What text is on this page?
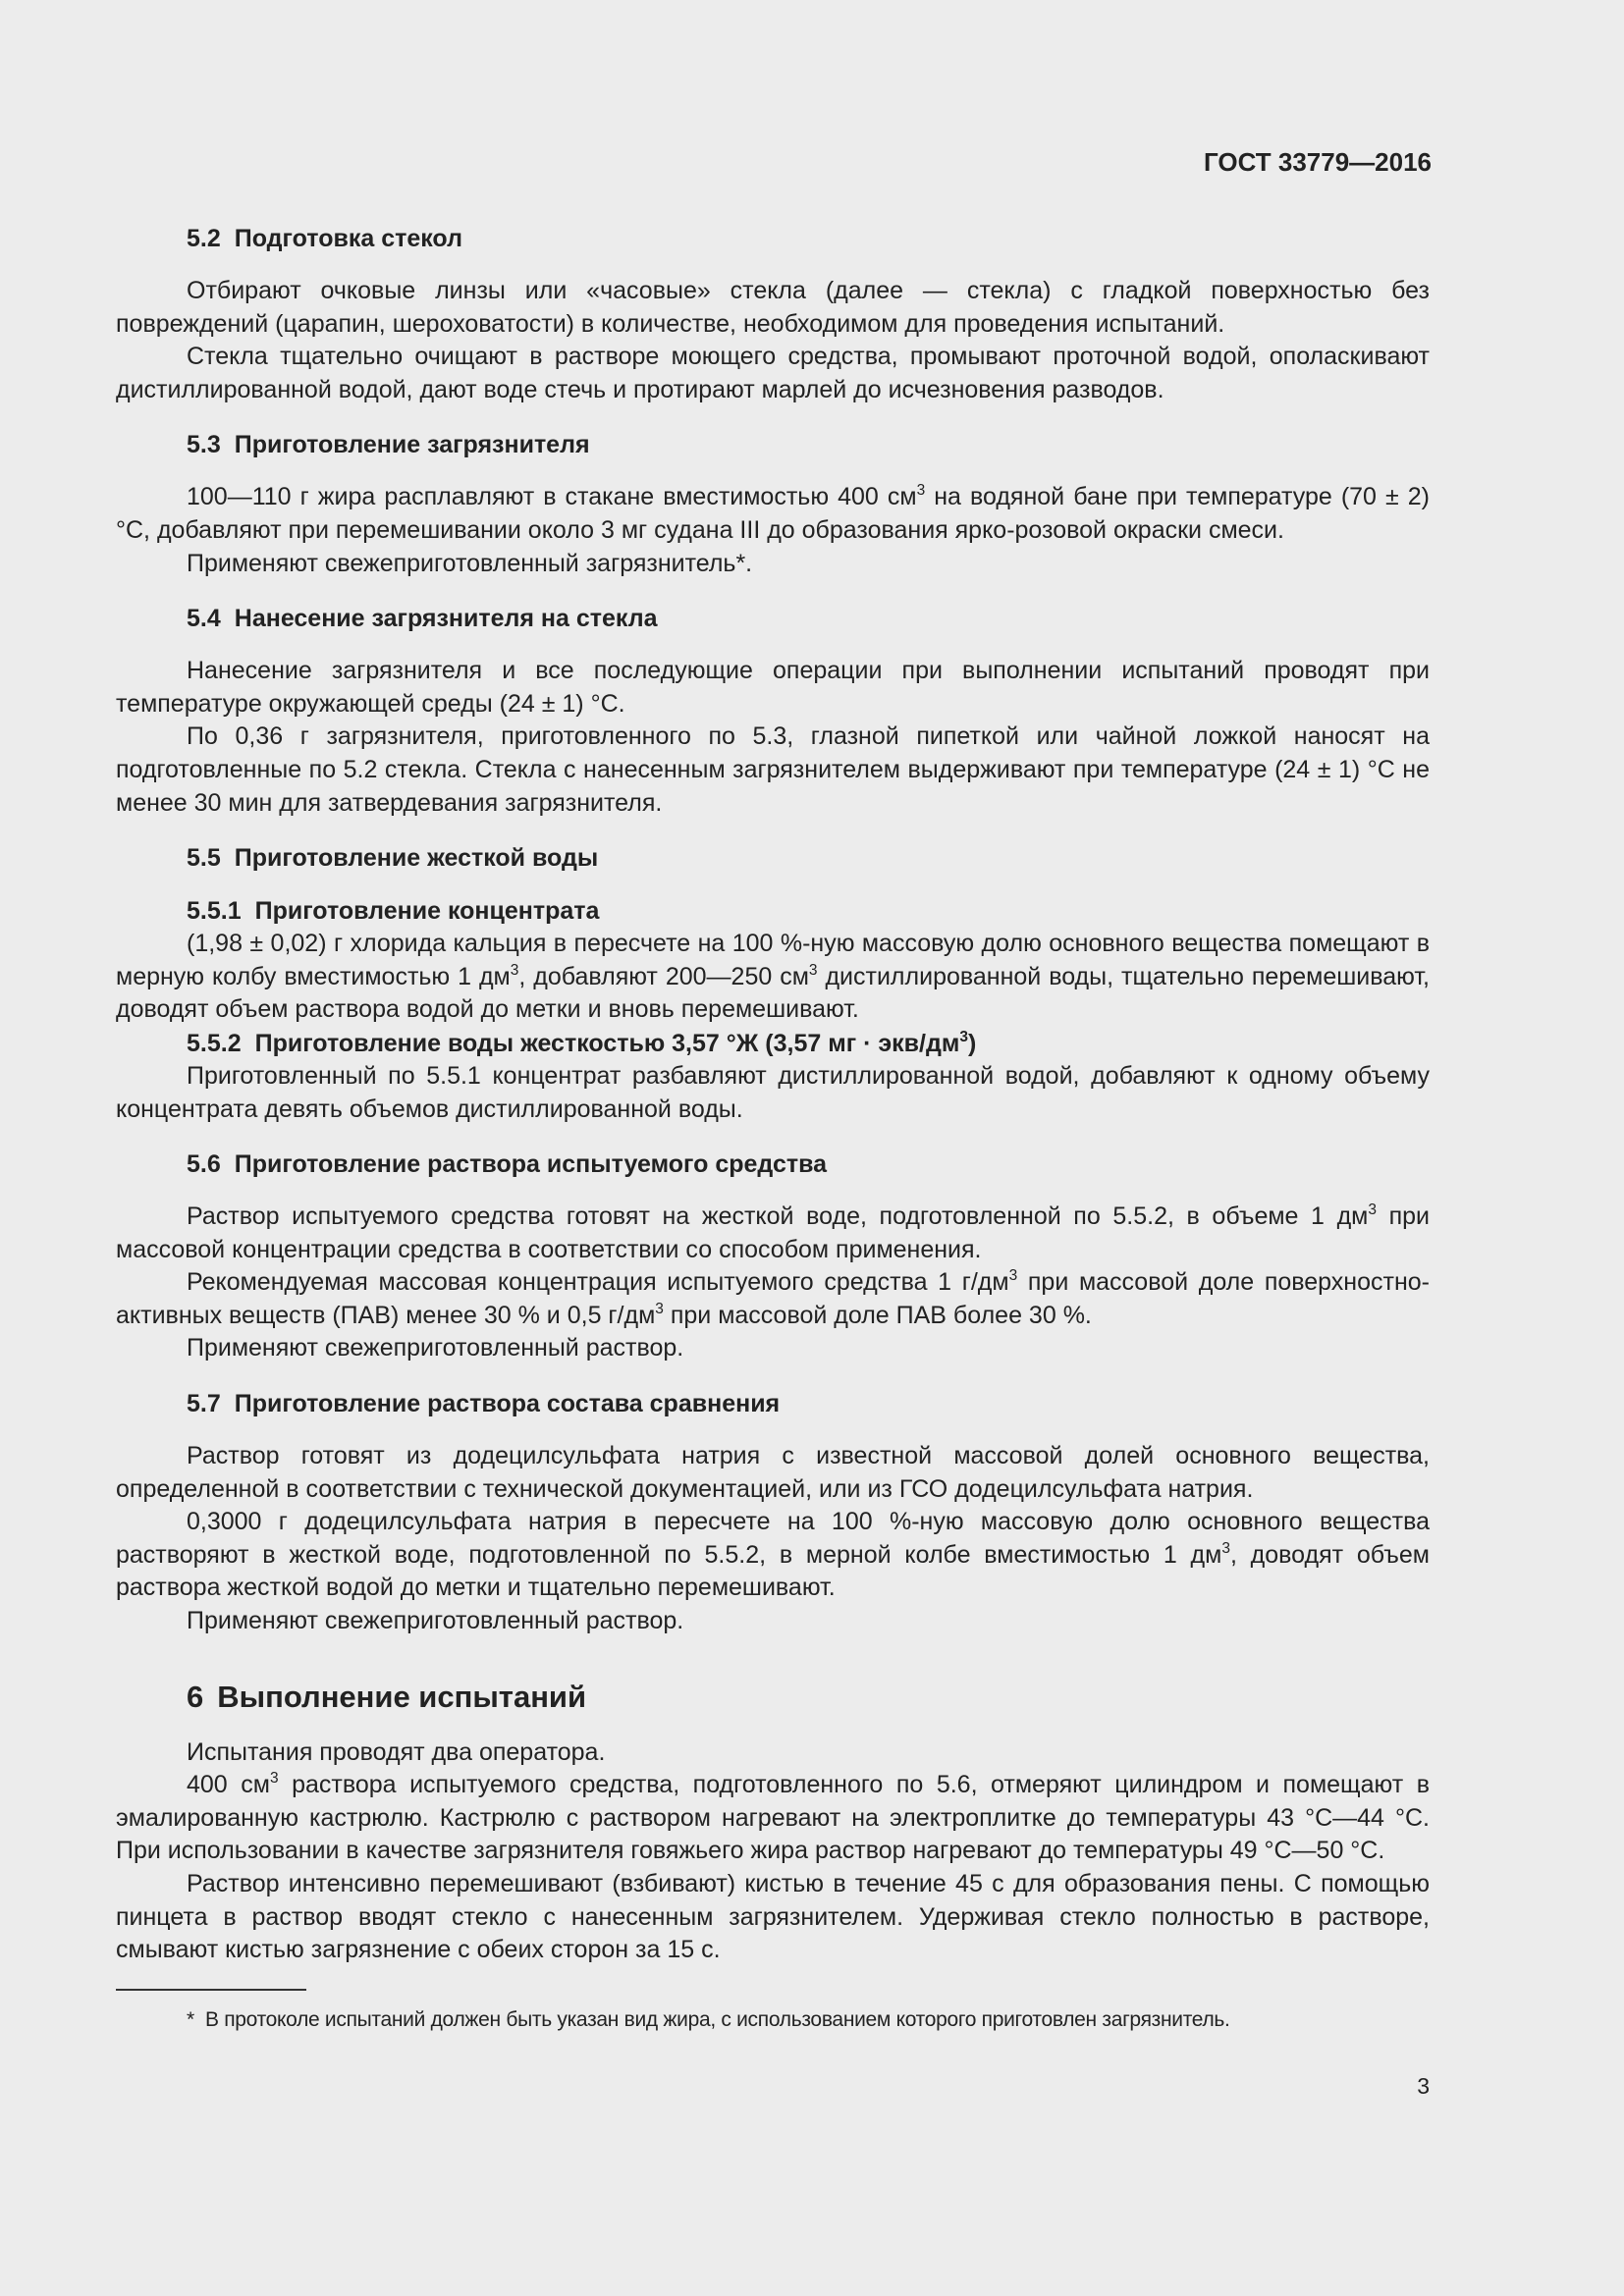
ГОСТ 33779—2016
5.2 Подготовка стекол

Отбирают очковые линзы или «часовые» стекла (далее — стекла) с гладкой поверхностью без повреждений (царапин, шероховатости) в количестве, необходимом для проведения испытаний.

Стекла тщательно очищают в растворе моющего средства, промывают проточной водой, ополаскивают дистиллированной водой, дают воде стечь и протирают марлей до исчезновения разводов.

5.3 Приготовление загрязнителя

100—110 г жира расплавляют в стакане вместимостью 400 $см^3$ на водяной бане при температуре (70 ± 2) °С, добавляют при перемешивании около 3 мг судана III до образования ярко-розовой окраски смеси.

Применяют свежеприготовленный загрязнитель*.

5.4 Нанесение загрязнителя на стекла

Нанесение загрязнителя и все последующие операции при выполнении испытаний проводят при температуре окружающей среды (24 ± 1) °С.

По 0,36 г загрязнителя, приготовленного по 5.3, глазной пипеткой или чайной ложкой наносят на подготовленные по 5.2 стекла. Стекла с нанесенным загрязнителем выдерживают при температуре (24 ± 1) °С не менее 30 мин для затвердевания загрязнителя.

5.5 Приготовление жесткой воды
5.5.1 Приготовление концентрата

(1,98 ± 0,02) г хлорида кальция в пересчете на 100 %-ную массовую долю основного вещества помещают в мерную колбу вместимостью 1 $дм^3$, добавляют 200—250 $см^3$ дистиллированной воды, тщательно перемешивают, доводят объем раствора водой до метки и вновь перемешивают.

5.5.2 Приготовление воды жесткостью 3,57 °Ж (3,57 мг · экв/$дм^3$)

Приготовленный по 5.5.1 концентрат разбавляют дистиллированной водой, добавляют к одному объему концентрата девять объемов дистиллированной воды.

5.6 Приготовление раствора испытуемого средства

Раствор испытуемого средства готовят на жесткой воде, подготовленной по 5.5.2, в объеме 1 $дм^3$ при массовой концентрации средства в соответствии со способом применения.

Рекомендуемая массовая концентрация испытуемого средства 1 $г/дм^3$ при массовой доле поверхностно-активных веществ (ПАВ) менее 30 % и 0,5 $г/дм^3$ при массовой доле ПАВ более 30 %.

Применяют свежеприготовленный раствор.

5.7 Приготовление раствора состава сравнения

Раствор готовят из додецилсульфата натрия с известной массовой долей основного вещества, определенной в соответствии с технической документацией, или из ГСО додецилсульфата натрия.

0,3000 г додецилсульфата натрия в пересчете на 100 %-ную массовую долю основного вещества растворяют в жесткой воде, подготовленной по 5.5.2, в мерной колбе вместимостью 1 $дм^3$, доводят объем раствора жесткой водой до метки и тщательно перемешивают.

Применяют свежеприготовленный раствор.

6 Выполнение испытаний

Испытания проводят два оператора.

400 $см^3$ раствора испытуемого средства, подготовленного по 5.6, отмеряют цилиндром и помещают в эмалированную кастрюлю. Кастрюлю с раствором нагревают на электроплитке до температуры 43 °С—44 °С. При использовании в качестве загрязнителя говяжьего жира раствор нагревают до температуры 49 °С—50 °С.

Раствор интенсивно перемешивают (взбивают) кистью в течение 45 с для образования пены. С помощью пинцета в раствор вводят стекло с нанесенным загрязнителем. Удерживая стекло полностью в растворе, смывают кистью загрязнение с обеих сторон за 15 с.

* В протоколе испытаний должен быть указан вид жира, с использованием которого приготовлен загрязнитель.
3
